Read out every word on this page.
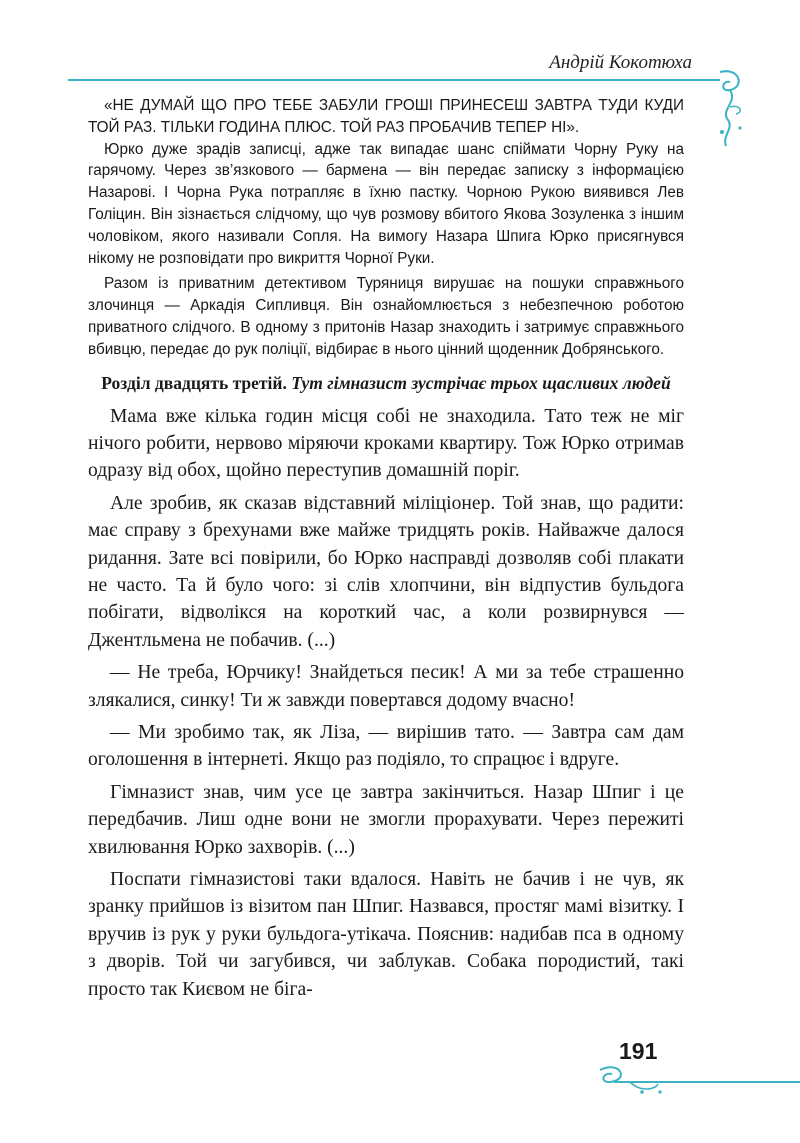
Андрій Кокотюха

«НЕ ДУМАЙ ЩО ПРО ТЕБЕ ЗАБУЛИ ГРОШІ ПРИНЕСЕШ ЗАВТРА ТУДИ КУДИ ТОЙ РАЗ. ТІЛЬКИ ГОДИНА ПЛЮС. ТОЙ РАЗ ПРОБАЧИВ ТЕПЕР НІ».

Юрко дуже зрадів записці, адже так випадає шанс спіймати Чорну Руку на гарячому. Через зв’язкового — бармена — він передає записку з інформацією Назарові. І Чорна Рука потрапляє в їхню пастку. Чорною Рукою виявився Лев Голіцин. Він зізнається слідчому, що чув розмову вбитого Якова Зозуленка з іншим чоловіком, якого називали Сопля. На вимогу Назара Шпига Юрко присягнувся нікому не розповідати про викриття Чорної Руки.

Разом із приватним детективом Туряниця вирушає на пошуки справжнього злочинця — Аркадія Сипливця. Він ознайомлюється з небезпечною роботою приватного слідчого. В одному з притонів Назар знаходить і затримує справжнього вбивцю, передає до рук поліції, відбирає в нього цінний щоденник Добрянського.

Розділ двадцять третій. Тут гімназист зустрічає трьох щасливих людей

Мама вже кілька годин місця собі не знаходила. Тато теж не міг нічого робити, нервово міряючи кроками квартиру. Тож Юрко отримав одразу від обох, щойно переступив домашній поріг.

Але зробив, як сказав відставний міліціонер. Той знав, що радити: має справу з брехунами вже майже тридцять років. Найважче далося ридання. Зате всі повірили, бо Юрко насправді дозволяв собі плакати не часто. Та й було чого: зі слів хлопчини, він відпустив бульдога побігати, відволікся на короткий час, а коли розвирнувся — Джентльмена не побачив. (...)

— Не треба, Юрчику! Знайдеться песик! А ми за тебе страшенно злякалися, синку! Ти ж завжди повертався додому вчасно!

— Ми зробимо так, як Ліза, — вирішив тато. — Завтра сам дам оголошення в інтернеті. Якщо раз подіяло, то спрацює і вдруге.

Гімназист знав, чим усе це завтра закінчиться. Назар Шпиг і це передбачив. Лиш одне вони не змогли прорахувати. Через пережиті хвилювання Юрко захворів. (...)

Поспати гімназистові таки вдалося. Навіть не бачив і не чув, як зранку прийшов із візитом пан Шпиг. Назвався, простяг мамі візитку. І вручив із рук у руки бульдога-утікача. Пояснив: надибав пса в одному з дворів. Той чи загубився, чи заблукав. Собака породистий, такі просто так Києвом не біга-

191
